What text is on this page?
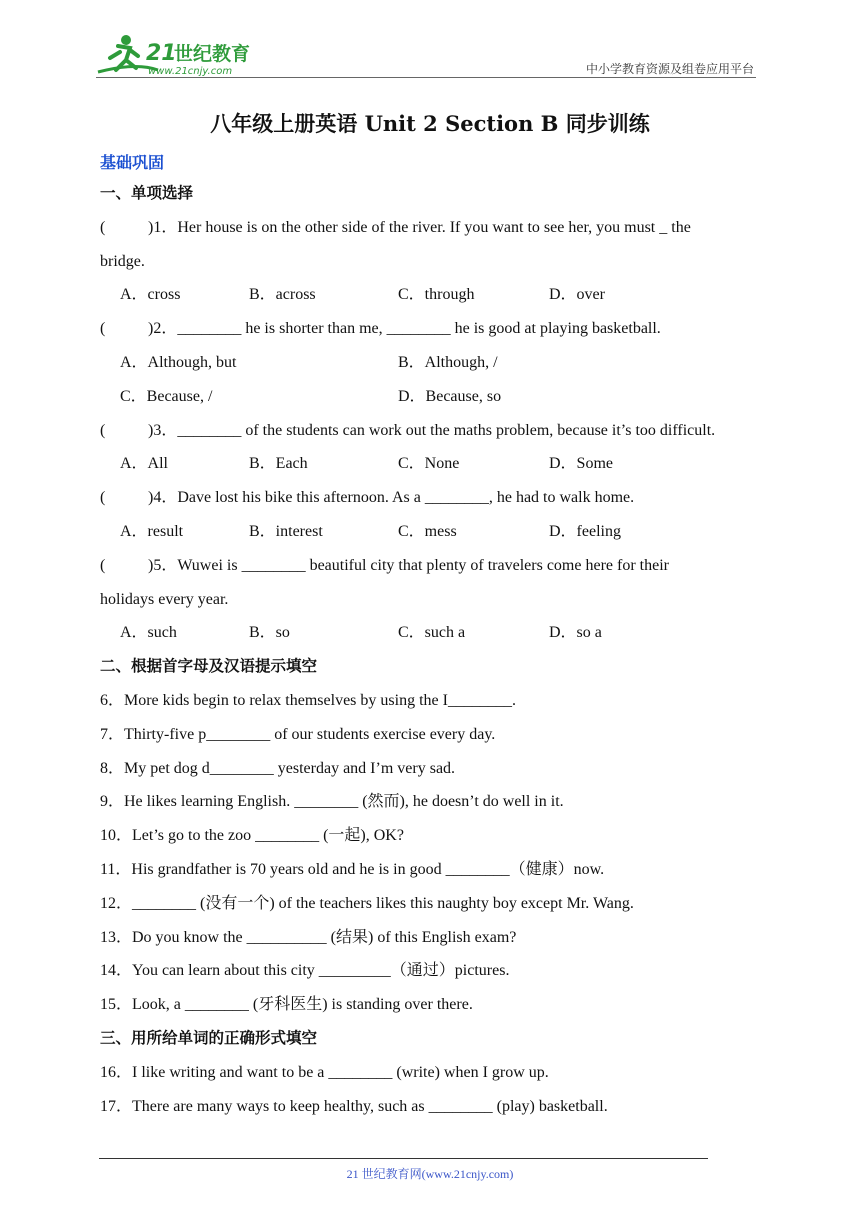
21
世纪教育
www.21cnjy.com	中小学教育资源及组卷应用平台
八年级上册英语 Unit 2 Section B 同步训练
基础巩固
一、单项选择
(	)1．Her house is on the other side of the river. If you want to see her, you must _ the
bridge.
A．cross	B．across	C．through	D．over
(	)2．________ he is shorter than me, ________ he is good at playing basketball.
A．Although, but	B．Although, /
C．Because, /	D．Because, so
(	)3．________ of the students can work out the maths problem, because it’s too difficult.
A．All	B．Each	C．None	D．Some
(	)4．Dave lost his bike this afternoon. As a ________, he had to walk home.
A．result	B．interest	C．mess	D．feeling
(	)5．Wuwei is ________ beautiful city that plenty of travelers come here for their
holidays every year.
A．such	B．so	C．such a	D．so a
二、根据首字母及汉语提示填空
6．More kids begin to relax themselves by using the I________.
7．Thirty-five p________ of our students exercise every day.
8．My pet dog d________ yesterday and I’m very sad.
9．He likes learning English. ________ (然而), he doesn’t do well in it.
10．Let’s go to the zoo ________ (一起), OK?
11．His grandfather is 70 years old and he is in good ________（健康）now.
12．________ (没有一个) of the teachers likes this naughty boy except Mr. Wang.
13．Do you know the __________ (结果) of this English exam?
14．You can learn about this city _________（通过）pictures.
15．Look, a ________ (牙科医生) is standing over there.
三、用所给单词的正确形式填空
16．I like writing and want to be a ________ (write) when I grow up.
17．There are many ways to keep healthy, such as ________ (play) basketball.
21 世纪教育网(www.21cnjy.com)
